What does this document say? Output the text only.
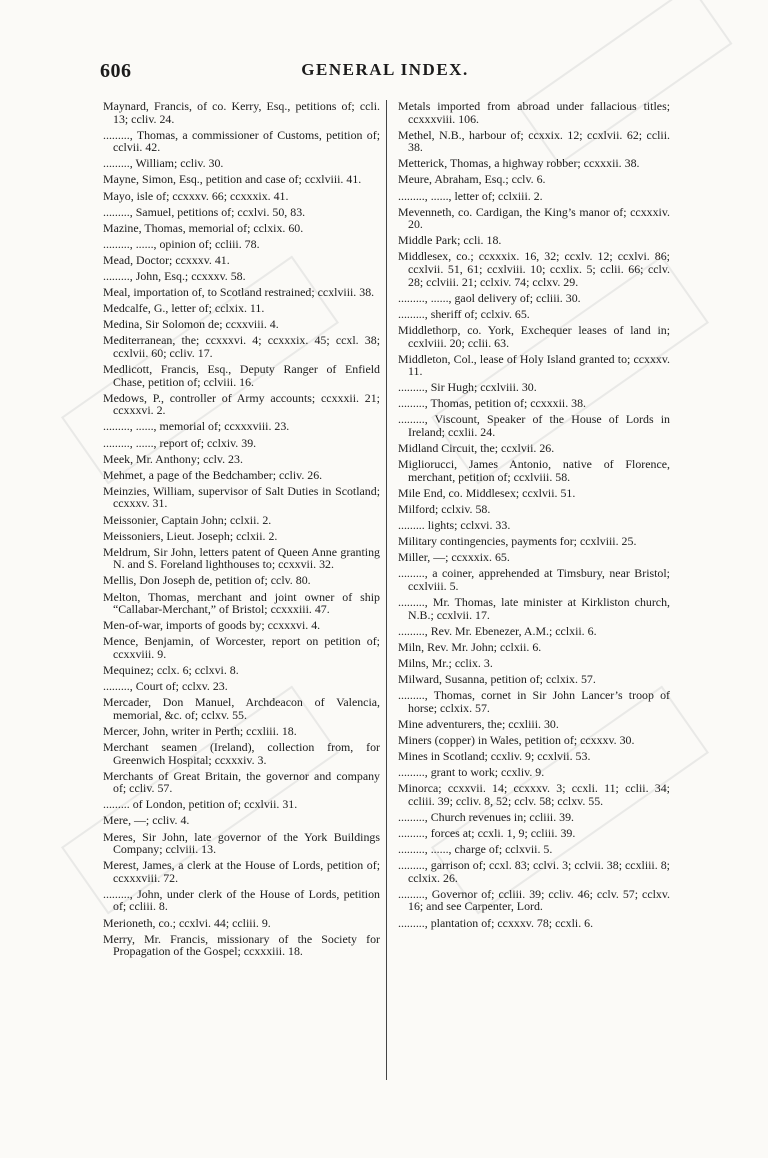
606	GENERAL INDEX.

Maynard, Francis, of co. Kerry, Esq., petitions of; ccli. 13; ccliv. 24.

........., Thomas, a commissioner of Customs, petition of; cclvii. 42.

........., William; ccliv. 30.

Mayne, Simon, Esq., petition and case of; ccxlviii. 41.

Mayo, isle of; ccxxxv. 66; ccxxxix. 41.

........., Samuel, petitions of; ccxlvi. 50, 83.

Mazine, Thomas, memorial of; cclxix. 60.

........., ......, opinion of; ccliii. 78.

Mead, Doctor; ccxxxv. 41.

........., John, Esq.; ccxxxv. 58.

Meal, importation of, to Scotland restrained; ccxlviii. 38.

Medcalfe, G., letter of; cclxix. 11.

Medina, Sir Solomon de; ccxxviii. 4.

Mediterranean, the; ccxxxvi. 4; ccxxxix. 45; ccxl. 38; ccxlvii. 60; ccliv. 17.

Medlicott, Francis, Esq., Deputy Ranger of Enfield Chase, petition of; cclviii. 16.

Medows, P., controller of Army accounts; ccxxxii. 21; ccxxxvi. 2.

........., ......, memorial of; ccxxxviii. 23.

........., ......, report of; cclxiv. 39.

Meek, Mr. Anthony; cclv. 23.

Mehmet, a page of the Bedchamber; ccliv. 26.

Meinzies, William, supervisor of Salt Duties in Scotland; ccxxxv. 31.

Meissonier, Captain John; cclxii. 2.

Meissoniers, Lieut. Joseph; cclxii. 2.

Meldrum, Sir John, letters patent of Queen Anne granting N. and S. Foreland lighthouses to; ccxxvii. 32.

Mellis, Don Joseph de, petition of; cclv. 80.

Melton, Thomas, merchant and joint owner of ship “Callabar-Merchant,” of Bristol; ccxxxiii. 47.

Men-of-war, imports of goods by; ccxxxvi. 4.

Mence, Benjamin, of Worcester, report on petition of; ccxxviii. 9.

Mequinez; cclx. 6; cclxvi. 8.

........., Court of; cclxv. 23.

Mercader, Don Manuel, Archdeacon of Valencia, memorial, &c. of; cclxv. 55.

Mercer, John, writer in Perth; ccxliii. 18.

Merchant seamen (Ireland), collection from, for Greenwich Hospital; ccxxxiv. 3.

Merchants of Great Britain, the governor and company of; ccliv. 57.

......... of London, petition of; ccxlvii. 31.

Mere, —; ccliv. 4.

Meres, Sir John, late governor of the York Buildings Company; cclviii. 13.

Merest, James, a clerk at the House of Lords, petition of; ccxxxviii. 72.

........., John, under clerk of the House of Lords, petition of; ccliii. 8.

Merioneth, co.; ccxlvi. 44; ccliii. 9.

Merry, Mr. Francis, missionary of the Society for Propagation of the Gospel; ccxxxiii. 18.

Metals imported from abroad under fallacious titles; ccxxxviii. 106.

Methel, N.B., harbour of; ccxxix. 12; ccxlvii. 62; cclii. 38.

Metterick, Thomas, a highway robber; ccxxxii. 38.

Meure, Abraham, Esq.; cclv. 6.

........., ......, letter of; cclxiii. 2.

Mevenneth, co. Cardigan, the King’s manor of; ccxxxiv. 20.

Middle Park; ccli. 18.

Middlesex, co.; ccxxxix. 16, 32; ccxlv. 12; ccxlvi. 86; ccxlvii. 51, 61; ccxlviii. 10; ccxlix. 5; cclii. 66; cclv. 28; cclviii. 21; cclxiv. 74; cclxv. 29.

........., ......, gaol delivery of; ccliii. 30.

........., sheriff of; cclxiv. 65.

Middlethorp, co. York, Exchequer leases of land in; ccxlviii. 20; cclii. 63.

Middleton, Col., lease of Holy Island granted to; ccxxxv. 11.

........., Sir Hugh; ccxlviii. 30.

........., Thomas, petition of; ccxxxii. 38.

........., Viscount, Speaker of the House of Lords in Ireland; ccxlii. 24.

Midland Circuit, the; ccxlvii. 26.

Migliorucci, James Antonio, native of Florence, merchant, petition of; ccxlviii. 58.

Mile End, co. Middlesex; ccxlvii. 51.

Milford; cclxiv. 58.

......... lights; cclxvi. 33.

Military contingencies, payments for; ccxlviii. 25.

Miller, —; ccxxxix. 65.

........., a coiner, apprehended at Timsbury, near Bristol; ccxlviii. 5.

........., Mr. Thomas, late minister at Kirkliston church, N.B.; ccxlvii. 17.

........., Rev. Mr. Ebenezer, A.M.; cclxii. 6.

Miln, Rev. Mr. John; cclxii. 6.

Milns, Mr.; cclix. 3.

Milward, Susanna, petition of; cclxix. 57.

........., Thomas, cornet in Sir John Lancer’s troop of horse; cclxix. 57.

Mine adventurers, the; ccxliii. 30.

Miners (copper) in Wales, petition of; ccxxxv. 30.

Mines in Scotland; ccxliv. 9; ccxlvii. 53.

........., grant to work; ccxliv. 9.

Minorca; ccxxvii. 14; ccxxxv. 3; ccxli. 11; cclii. 34; ccliii. 39; ccliv. 8, 52; cclv. 58; cclxv. 55.

........., Church revenues in; ccliii. 39.

........., forces at; ccxli. 1, 9; ccliii. 39.

........., ......, charge of; cclxvii. 5.

........., garrison of; ccxl. 83; cclvi. 3; cclvii. 38; ccxliii. 8; cclxix. 26.

........., Governor of; ccliii. 39; ccliv. 46; cclv. 57; cclxv. 16; and see Carpenter, Lord.

........., plantation of; ccxxxv. 78; ccxli. 6.
